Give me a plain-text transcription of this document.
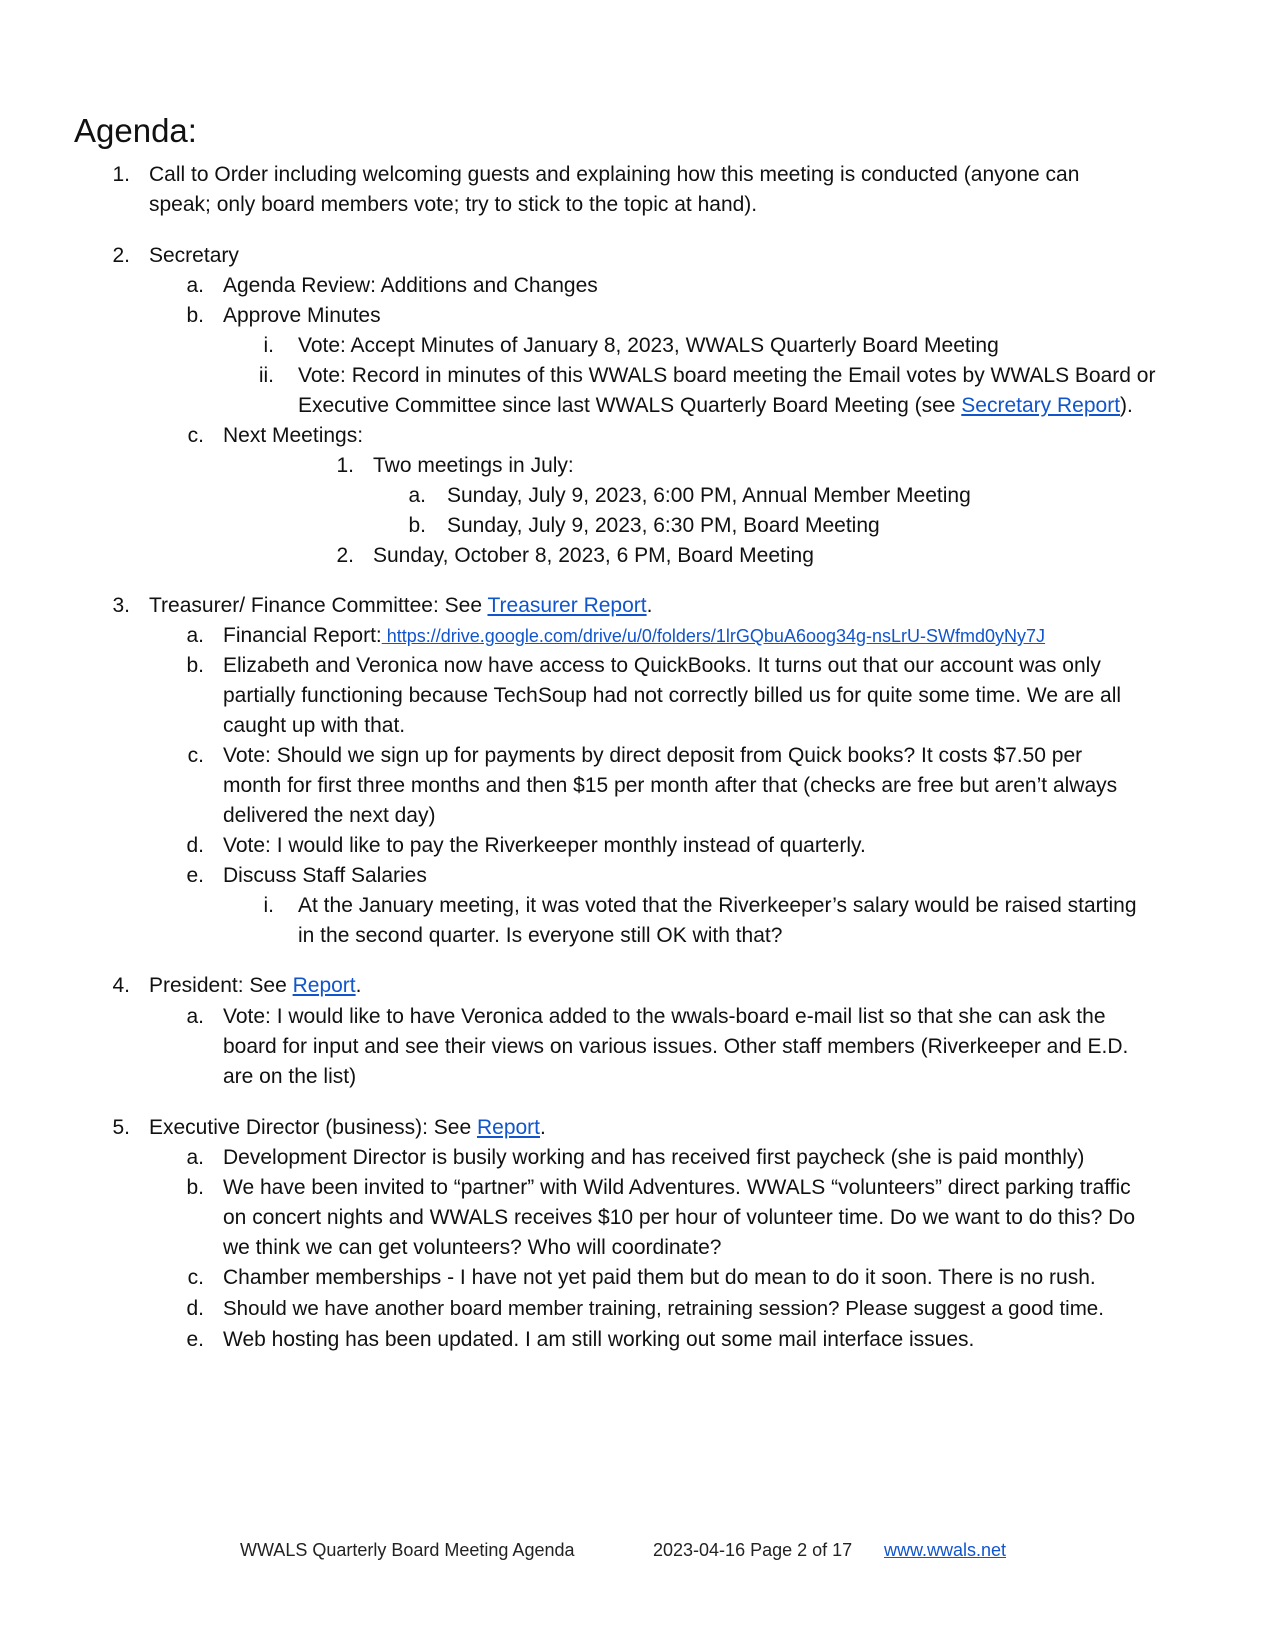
Agenda:
1. Call to Order including welcoming guests and explaining how this meeting is conducted (anyone can
speak; only board members vote; try to stick to the topic at hand).
2. Secretary
a. Agenda Review: Additions and Changes
b. Approve Minutes
i. Vote: Accept Minutes of January 8, 2023, WWALS Quarterly Board Meeting
ii. Vote: Record in minutes of this WWALS board meeting the Email votes by WWALS Board or
Executive Committee since last WWALS Quarterly Board Meeting (see Secretary Report).
c. Next Meetings:
1. Two meetings in July:
a. Sunday, July 9, 2023, 6:00 PM, Annual Member Meeting
b. Sunday, July 9, 2023, 6:30 PM, Board Meeting
2. Sunday, October 8, 2023, 6 PM, Board Meeting
3. Treasurer/ Finance Committee: See Treasurer Report.
a. Financial Report: https://drive.google.com/drive/u/0/folders/1lrGQbuA6oog34g-nsLrU-SWfmd0yNy7J
b. Elizabeth and Veronica now have access to QuickBooks. It turns out that our account was only
partially functioning because TechSoup had not correctly billed us for quite some time. We are all
caught up with that.
c. Vote: Should we sign up for payments by direct deposit from Quick books? It costs $7.50 per
month for first three months and then $15 per month after that (checks are free but aren’t always
delivered the next day)
d. Vote: I would like to pay the Riverkeeper monthly instead of quarterly.
e. Discuss Staff Salaries
i. At the January meeting, it was voted that the Riverkeeper’s salary would be raised starting
in the second quarter. Is everyone still OK with that?
4. President: See Report.
a. Vote: I would like to have Veronica added to the wwals-board e-mail list so that she can ask the
board for input and see their views on various issues. Other staff members (Riverkeeper and E.D.
are on the list)
5. Executive Director (business): See Report.
a. Development Director is busily working and has received first paycheck (she is paid monthly)
b. We have been invited to “partner” with Wild Adventures. WWALS “volunteers” direct parking traffic
on concert nights and WWALS receives $10 per hour of volunteer time. Do we want to do this? Do
we think we can get volunteers? Who will coordinate?
c. Chamber memberships - I have not yet paid them but do mean to do it soon. There is no rush.
d. Should we have another board member training, retraining session? Please suggest a good time.
e. Web hosting has been updated. I am still working out some mail interface issues.
WWALS Quarterly Board Meeting Agenda	2023-04-16 Page 2 of 17 www.wwals.net
